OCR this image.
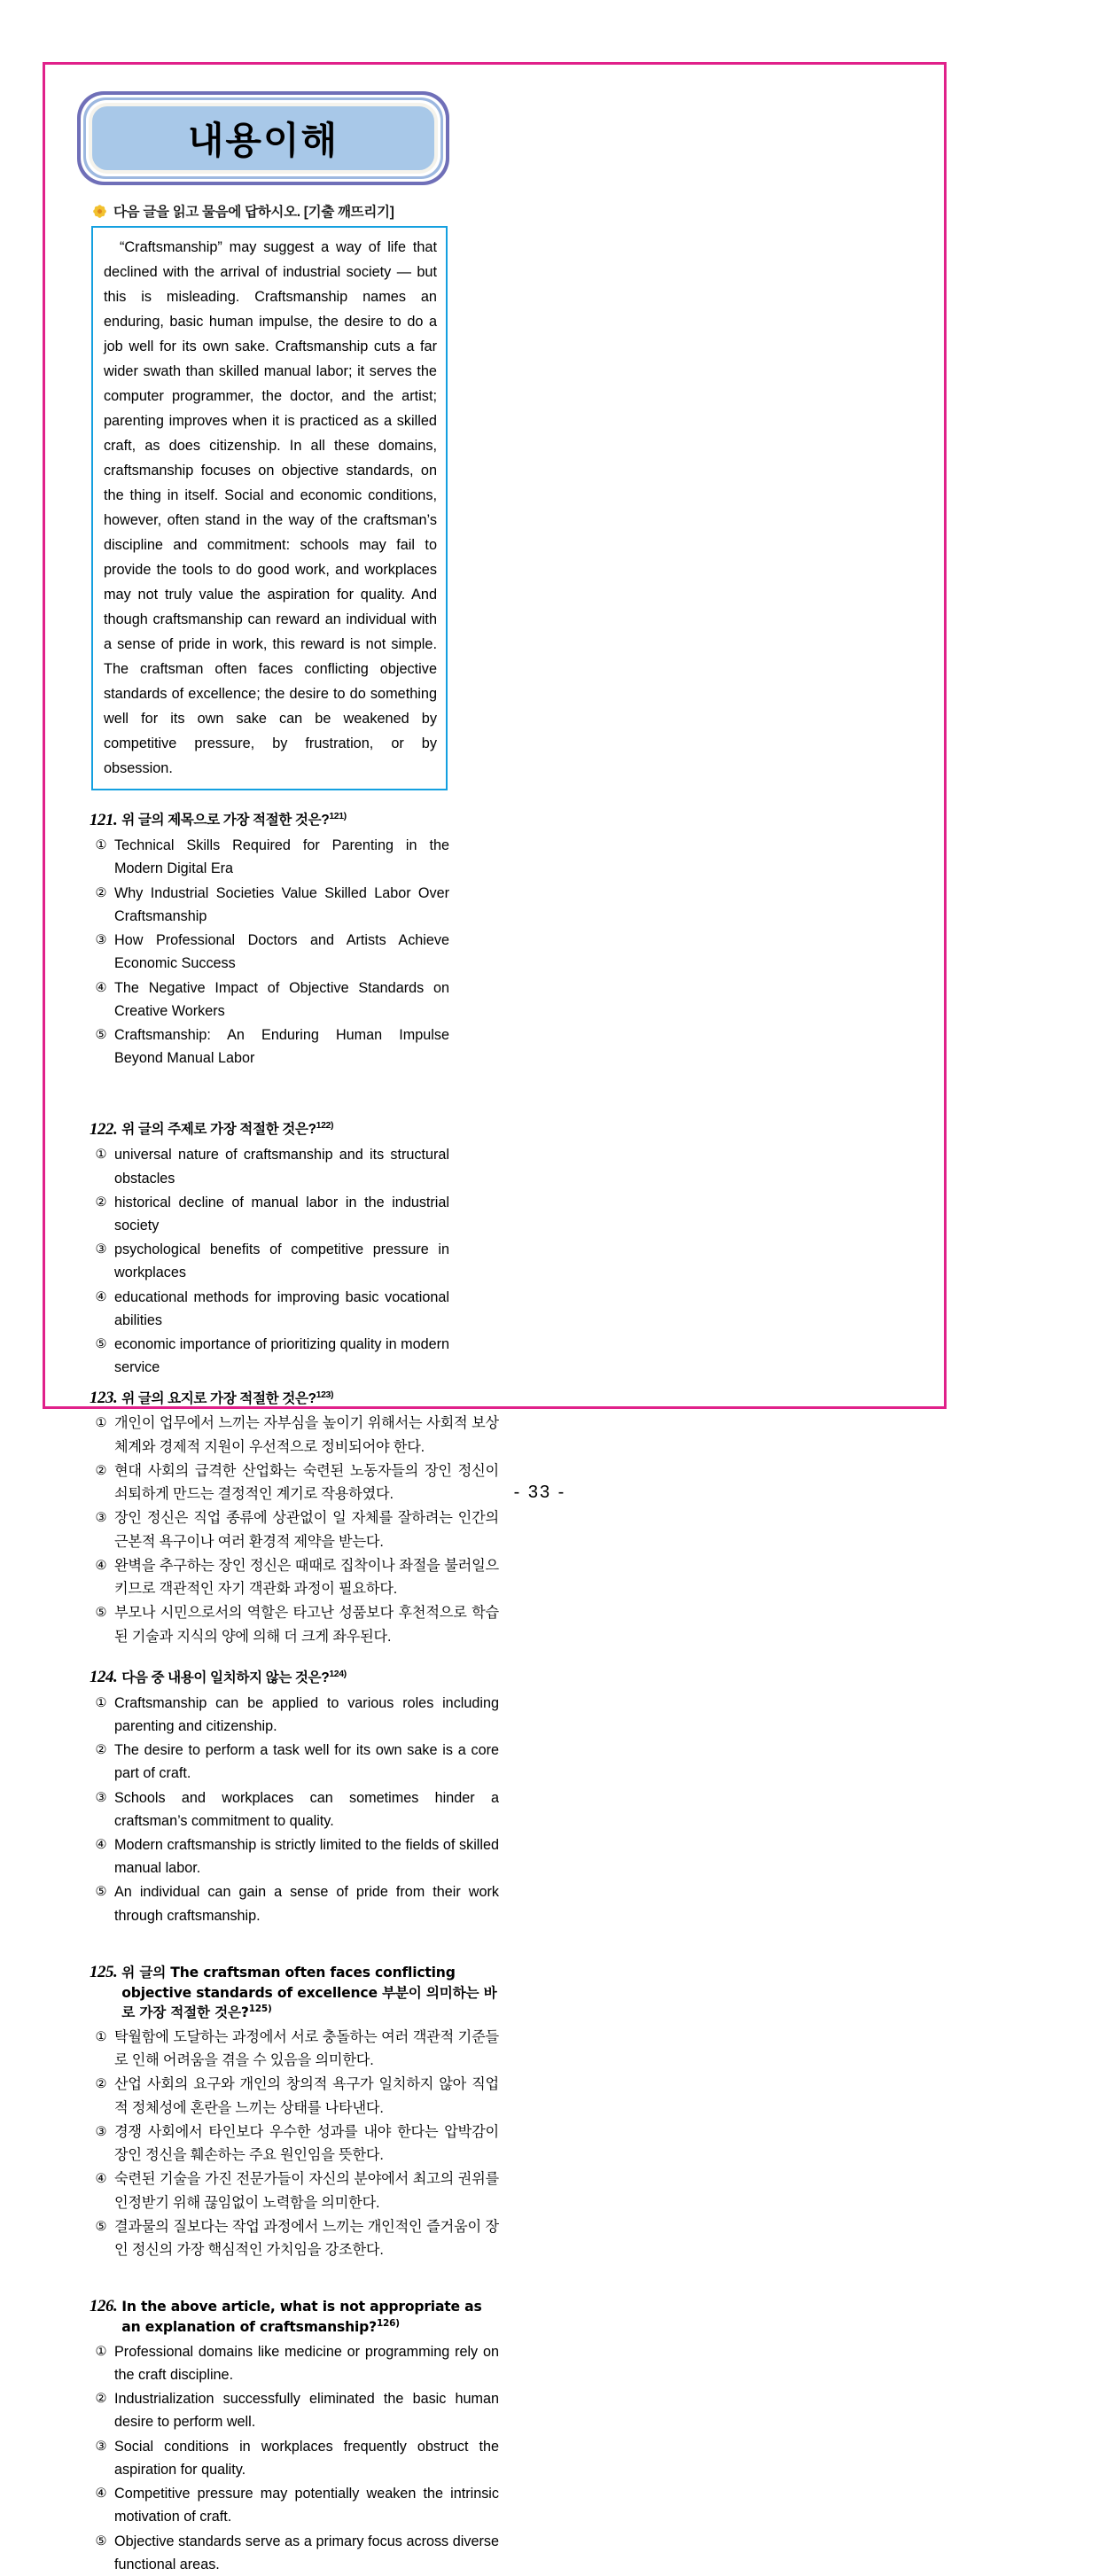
내용이해
다음 글을 읽고 물음에 답하시오. [기출 깨뜨리기]
“Craftsmanship” may suggest a way of life that declined with the arrival of industrial society — but this is misleading. Craftsmanship names an enduring, basic human impulse, the desire to do a job well for its own sake. Craftsmanship cuts a far wider swath than skilled manual labor; it serves the computer programmer, the doctor, and the artist; parenting improves when it is practiced as a skilled craft, as does citizenship. In all these domains, craftsmanship focuses on objective standards, on the thing in itself. Social and economic conditions, however, often stand in the way of the craftsman’s discipline and commitment: schools may fail to provide the tools to do good work, and workplaces may not truly value the aspiration for quality. And though craftsmanship can reward an individual with a sense of pride in work, this reward is not simple. The craftsman often faces conflicting objective standards of excellence; the desire to do something well for its own sake can be weakened by competitive pressure, by frustration, or by obsession.
121. 위 글의 제목으로 가장 적절한 것은?$^{121)}$
① Technical Skills Required for Parenting in the Modern Digital Era
② Why Industrial Societies Value Skilled Labor Over Craftsmanship
③ How Professional Doctors and Artists Achieve Economic Success
④ The Negative Impact of Objective Standards on Creative Workers
⑤ Craftsmanship: An Enduring Human Impulse Beyond Manual Labor
122. 위 글의 주제로 가장 적절한 것은?$^{122)}$
① universal nature of craftsmanship and its structural obstacles
② historical decline of manual labor in the industrial society
③ psychological benefits of competitive pressure in workplaces
④ educational methods for improving basic vocational abilities
⑤ economic importance of prioritizing quality in modern service
123. 위 글의 요지로 가장 적절한 것은?$^{123)}$
① 개인이 업무에서 느끼는 자부심을 높이기 위해서는 사회적 보상 체계와 경제적 지원이 우선적으로 정비되어야 한다.
② 현대 사회의 급격한 산업화는 숙련된 노동자들의 장인 정신이 쇠퇴하게 만드는 결정적인 계기로 작용하였다.
③ 장인 정신은 직업 종류에 상관없이 일 자체를 잘하려는 인간의 근본적 욕구이나 여러 환경적 제약을 받는다.
④ 완벽을 추구하는 장인 정신은 때때로 집착이나 좌절을 불러일으키므로 객관적인 자기 객관화 과정이 필요하다.
⑤ 부모나 시민으로서의 역할은 타고난 성품보다 후천적으로 학습된 기술과 지식의 양에 의해 더 크게 좌우된다.
124. 다음 중 내용이 일치하지 않는 것은?$^{124)}$
① Craftsmanship can be applied to various roles including parenting and citizenship.
② The desire to perform a task well for its own sake is a core part of craft.
③ Schools and workplaces can sometimes hinder a craftsman’s commitment to quality.
④ Modern craftsmanship is strictly limited to the fields of skilled manual labor.
⑤ An individual can gain a sense of pride from their work through craftsmanship.
125. 위 글의 The craftsman often faces conflicting objective standards of excellence 부분이 의미하는 바로 가장 적절한 것은?$^{125)}$
① 탁월함에 도달하는 과정에서 서로 충돌하는 여러 객관적 기준들로 인해 어려움을 겪을 수 있음을 의미한다.
② 산업 사회의 요구와 개인의 창의적 욕구가 일치하지 않아 직업적 정체성에 혼란을 느끼는 상태를 나타낸다.
③ 경쟁 사회에서 타인보다 우수한 성과를 내야 한다는 압박감이 장인 정신을 훼손하는 주요 원인임을 뜻한다.
④ 숙련된 기술을 가진 전문가들이 자신의 분야에서 최고의 권위를 인정받기 위해 끊임없이 노력함을 의미한다.
⑤ 결과물의 질보다는 작업 과정에서 느끼는 개인적인 즐거움이 장인 정신의 가장 핵심적인 가치임을 강조한다.
126. In the above article, what is not appropriate as an explanation of craftsmanship?$^{126)}$
① Professional domains like medicine or programming rely on the craft discipline.
② Industrialization successfully eliminated the basic human desire to perform well.
③ Social conditions in workplaces frequently obstruct the aspiration for quality.
④ Competitive pressure may potentially weaken the intrinsic motivation of craft.
⑤ Objective standards serve as a primary focus across diverse functional areas.
- 33 -
